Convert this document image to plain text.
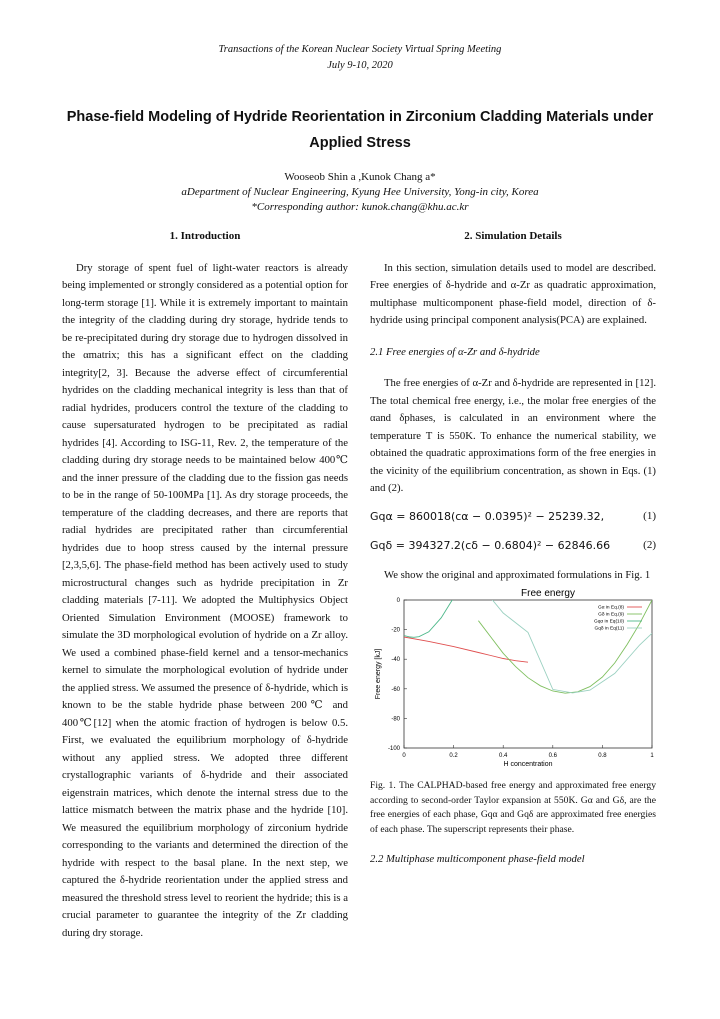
Transactions of the Korean Nuclear Society Virtual Spring Meeting
July 9-10, 2020
Phase-field Modeling of Hydride Reorientation in Zirconium Cladding Materials under Applied Stress
Wooseob Shin a ,Kunok Chang a*
aDepartment of Nuclear Engineering, Kyung Hee University, Yong-in city, Korea
*Corresponding author: kunok.chang@khu.ac.kr
1. Introduction

Dry storage of spent fuel of light-water reactors is already being implemented or strongly considered as a potential option for long-term storage [1]. While it is extremely important to maintain the integrity of the cladding during dry storage, hydride tends to be re-precipitated during dry storage due to hydrogen dissolved in the αmatrix; this has a significant effect on the cladding integrity[2, 3]. Because the adverse effect of circumferential hydrides on the cladding mechanical integrity is less than that of radial hydrides, producers control the texture of the cladding to cause supersaturated hydrogen to be precipitated as radial hydrides [4]. According to ISG-11, Rev. 2, the temperature of the cladding during dry storage needs to be maintained below 400℃ and the inner pressure of the cladding due to the fission gas needs to be in the range of 50-100MPa [1]. As dry storage proceeds, the temperature of the cladding decreases, and there are reports that radial hydrides are precipitated rather than circumferential hydrides due to hoop stress caused by the internal pressure [2,3,5,6]. The phase-field method has been actively used to study microstructural changes such as hydride precipitation in Zr cladding materials [7-11]. We adopted the Multiphysics Object Oriented Simulation Environment (MOOSE) framework to simulate the 3D morphological evolution of hydride on a Zr alloy. We used a combined phase-field kernel and a tensor-mechanics kernel to simulate the morphological evolution of hydride under the applied stress. We assumed the presence of δ-hydride, which is known to be the stable hydride phase between 200℃ and 400℃[12] when the atomic fraction of hydrogen is below 0.5. First, we evaluated the equilibrium morphology of δ-hydride without any applied stress. We adopted three different crystallographic variants of δ-hydride and their associated eigenstrain matrices, which denote the internal stress due to the lattice mismatch between the matrix phase and the hydride [10]. We measured the equilibrium morphology of zirconium hydride corresponding to the variants and determined the direction of the hydride with respect to the basal plane. In the next step, we captured the δ-hydride reorientation under the applied stress and measured the threshold stress level to reorient the hydride; this is a crucial parameter to guarantee the integrity of the Zr cladding during dry storage.

2. Simulation Details

In this section, simulation details used to model are described. Free energies of δ-hydride and α-Zr as quadratic approximation, multiphase multicomponent phase-field model, direction of δ-hydride using principal component analysis(PCA) are explained.

2.1 Free energies of α-Zr and δ-hydride

The free energies of α-Zr and δ-hydride are represented in [12]. The total chemical free energy, i.e., the molar free energies of the αand δphases, is calculated in an environment where the temperature T is 550K. To enhance the numerical stability, we obtained the quadratic approximations form of the free energies in the vicinity of the equilibrium concentration, as shown in Eqs. (1) and (2).

Gqα = 860018(cα − 0.0395)² − 25239.32,	(1)
Gqδ = 394327.2(cδ − 0.6804)² − 62846.66	(2)

We show the original and approximated formulations in Fig. 1

Free energy
0	0.2	0.4	0.6	0.8	1
0
-20
-40
-60
-80
-100
H concentration
Free energy [kJ]
Gα in Eq.(8)
Gδ in Eq.(9)
Gqα in Eq(10)
Gqδ in Eq(11)
Fig. 1. The CALPHAD-based free energy and approximated free energy according to second-order Taylor expansion at 550K. Gα and Gδ, are the free energies of each phase, Gqα and Gqδ are approximated free energies of each phase. The superscript represents their phase.
2.2 Multiphase multicomponent phase-field model
